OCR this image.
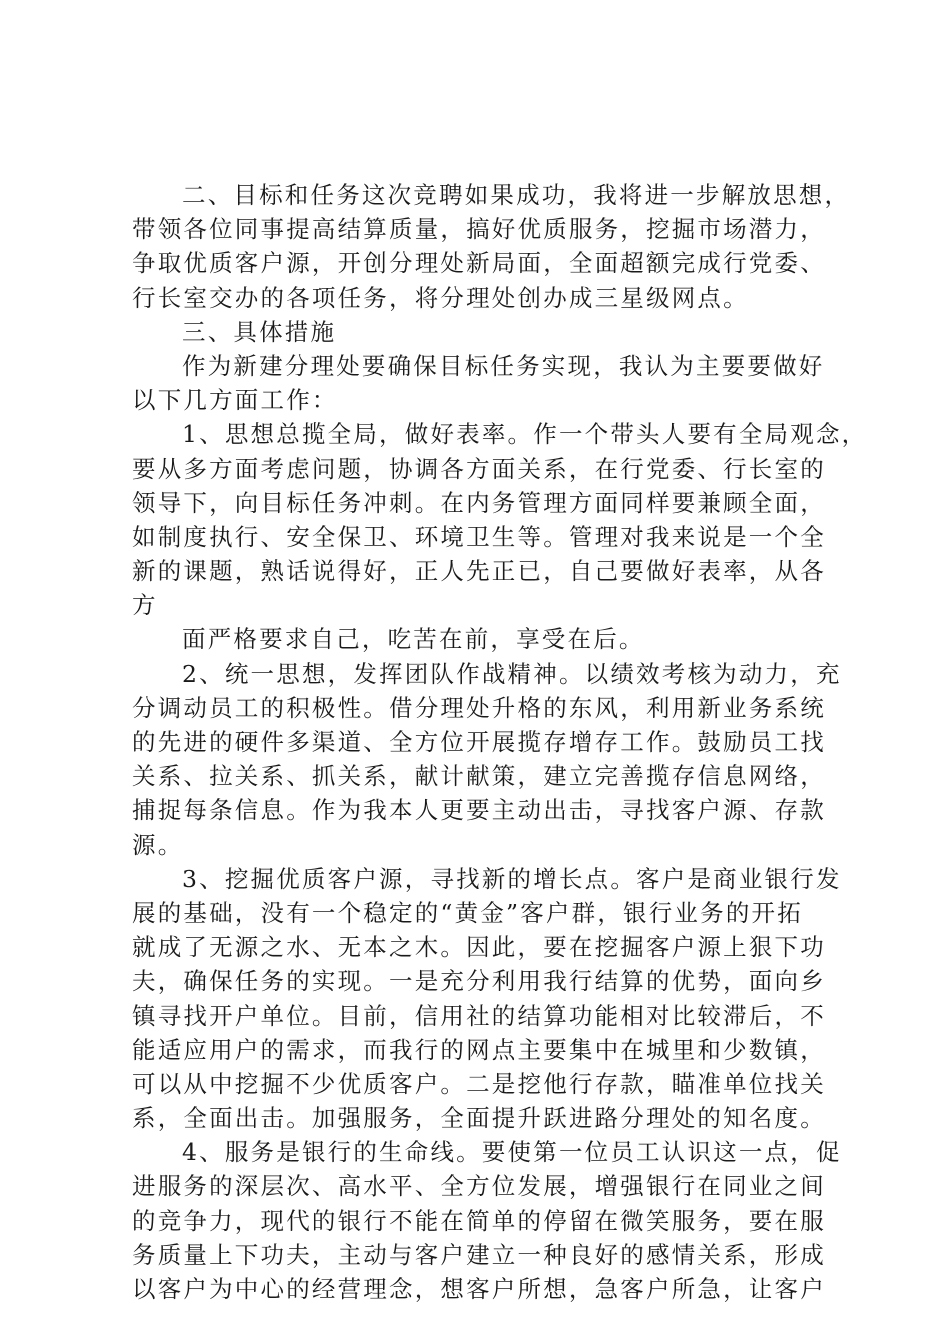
二、目标和任务这次竞聘如果成功，我将进一步解放思想，
带领各位同事提高结算质量，搞好优质服务，挖掘市场潜力，
争取优质客户源，开创分理处新局面，全面超额完成行党委、
行长室交办的各项任务，将分理处创办成三星级网点。
三、具体措施
作为新建分理处要确保目标任务实现，我认为主要要做好
以下几方面工作：
1、思想总揽全局，做好表率。作一个带头人要有全局观念，
要从多方面考虑问题，协调各方面关系，在行党委、行长室的
领导下，向目标任务冲刺。在内务管理方面同样要兼顾全面，
如制度执行、安全保卫、环境卫生等。管理对我来说是一个全
新的课题，熟话说得好，正人先正已，自己要做好表率，从各
方
面严格要求自己，吃苦在前，享受在后。
2、统一思想，发挥团队作战精神。以绩效考核为动力，充
分调动员工的积极性。借分理处升格的东风，利用新业务系统
的先进的硬件多渠道、全方位开展揽存增存工作。鼓励员工找
关系、拉关系、抓关系，献计献策，建立完善揽存信息网络，
捕捉每条信息。作为我本人更要主动出击，寻找客户源、存款
源。
3、挖掘优质客户源，寻找新的增长点。客户是商业银行发
展的基础，没有一个稳定的“黄金”客户群，银行业务的开拓
就成了无源之水、无本之木。因此，要在挖掘客户源上狠下功
夫，确保任务的实现。一是充分利用我行结算的优势，面向乡
镇寻找开户单位。目前，信用社的结算功能相对比较滞后，不
能适应用户的需求，而我行的网点主要集中在城里和少数镇，
可以从中挖掘不少优质客户。二是挖他行存款，瞄准单位找关
系，全面出击。加强服务，全面提升跃进路分理处的知名度。
4、服务是银行的生命线。要使第一位员工认识这一点，促
进服务的深层次、高水平、全方位发展，增强银行在同业之间
的竞争力，现代的银行不能在简单的停留在微笑服务，要在服
务质量上下功夫，主动与客户建立一种良好的感情关系，形成
以客户为中心的经营理念，想客户所想，急客户所急，让客户
